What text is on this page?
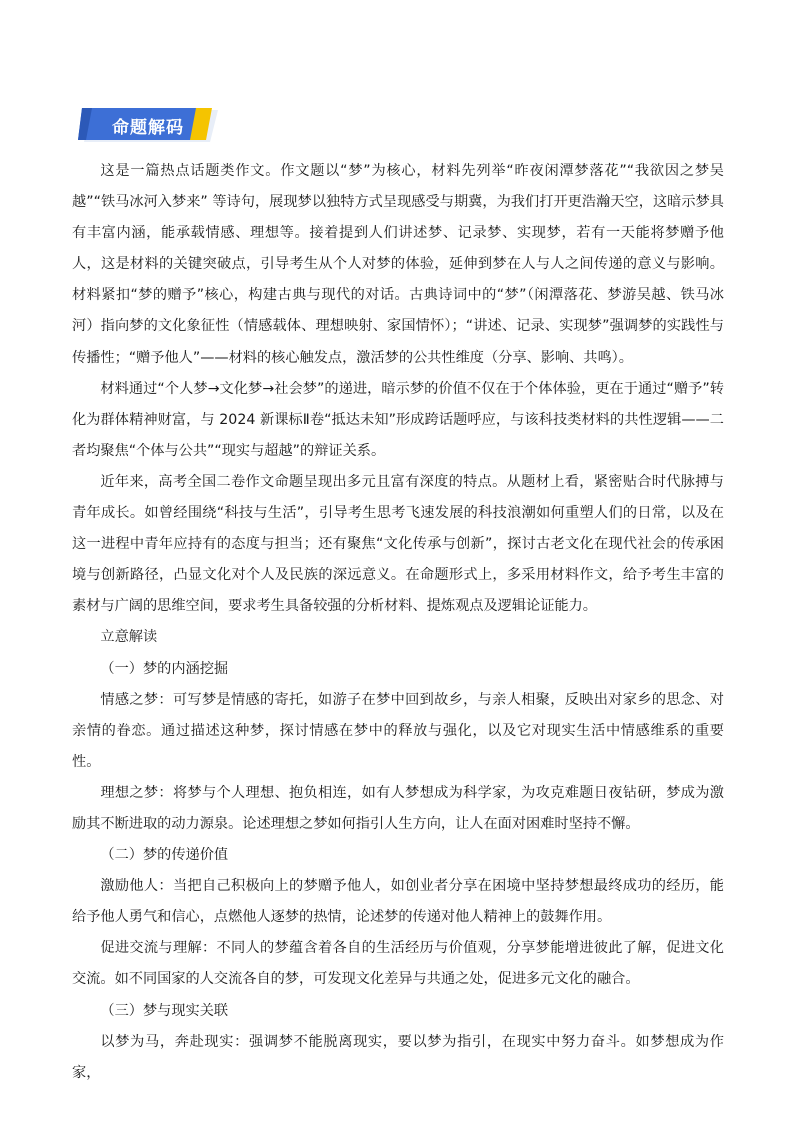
命题解码

这是一篇热点话题类作文。作文题以“梦”为核心，材料先列举“昨夜闲潭梦落花”“我欲因之梦吴越”“铁马冰河入梦来” 等诗句，展现梦以独特方式呈现感受与期冀，为我们打开更浩瀚天空，这暗示梦具有丰富内涵，能承载情感、理想等。接着提到人们讲述梦、记录梦、实现梦，若有一天能将梦赠予他人，这是材料的关键突破点，引导考生从个人对梦的体验，延伸到梦在人与人之间传递的意义与影响。材料紧扣“梦的赠予”核心，构建古典与现代的对话。古典诗词中的“梦”（闲潭落花、梦游吴越、铁马冰河）指向梦的文化象征性（情感载体、理想映射、家国情怀）；“讲述、记录、实现梦”强调梦的实践性与传播性；“赠予他人”——材料的核心触发点，激活梦的公共性维度（分享、影响、共鸣）。

材料通过“个人梦→文化梦→社会梦”的递进，暗示梦的价值不仅在于个体体验，更在于通过“赠予”转化为群体精神财富，与 2024 新课标Ⅱ卷“抵达未知”形成跨话题呼应，与该科技类材料的共性逻辑——二者均聚焦“个体与公共”“现实与超越”的辩证关系。

近年来，高考全国二卷作文命题呈现出多元且富有深度的特点。从题材上看，紧密贴合时代脉搏与青年成长。如曾经围绕“科技与生活”，引导考生思考飞速发展的科技浪潮如何重塑人们的日常，以及在这一进程中青年应持有的态度与担当；还有聚焦“文化传承与创新”，探讨古老文化在现代社会的传承困境与创新路径，凸显文化对个人及民族的深远意义。在命题形式上，多采用材料作文，给予考生丰富的素材与广阔的思维空间，要求考生具备较强的分析材料、提炼观点及逻辑论证能力。

立意解读

（一）梦的内涵挖掘

情感之梦：可写梦是情感的寄托，如游子在梦中回到故乡，与亲人相聚，反映出对家乡的思念、对亲情的眷恋。通过描述这种梦，探讨情感在梦中的释放与强化，以及它对现实生活中情感维系的重要性。

理想之梦：将梦与个人理想、抱负相连，如有人梦想成为科学家，为攻克难题日夜钻研，梦成为激励其不断进取的动力源泉。论述理想之梦如何指引人生方向，让人在面对困难时坚持不懈。

（二）梦的传递价值

激励他人：当把自己积极向上的梦赠予他人，如创业者分享在困境中坚持梦想最终成功的经历，能给予他人勇气和信心，点燃他人逐梦的热情，论述梦的传递对他人精神上的鼓舞作用。

促进交流与理解：不同人的梦蕴含着各自的生活经历与价值观，分享梦能增进彼此了解，促进文化交流。如不同国家的人交流各自的梦，可发现文化差异与共通之处，促进多元文化的融合。

（三）梦与现实关联

以梦为马，奔赴现实：强调梦不能脱离现实，要以梦为指引，在现实中努力奋斗。如梦想成为作家，
